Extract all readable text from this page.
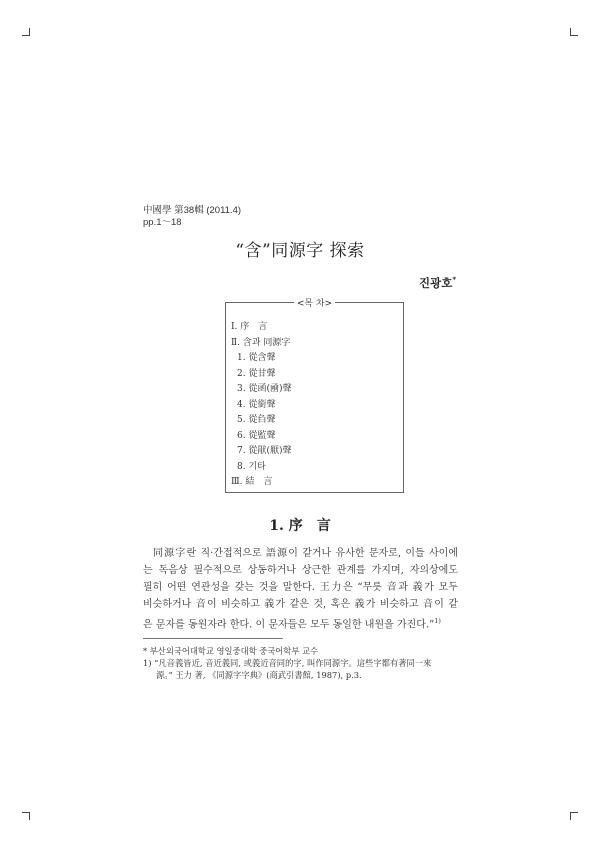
中國學 第38輯 (2011.4)
pp.1～18
“含”同源字 探索
진광호*
<목 차>
Ⅰ. 序　言
Ⅱ. 含과 同源字
1. 從含聲
2. 從甘聲
3. 從函(凾)聲
4. 從銜聲
5. 從臽聲
6. 從監聲
7. 從猒(厭)聲
8. 기타
Ⅲ. 結　言
1. 序　言
同源字란 직·간접적으로 語源이 같거나 유사한 문자로, 이들 사이에
는 독음상 필수적으로 상동하거나 상근한 관계를 가지며, 자의상에도
필히 어떤 연관성을 갖는 것을 말한다. 王力은 “무릇 音과 義가 모두
비슷하거나 音이 비슷하고 義가 같은 것, 혹은 義가 비슷하고 音이 같
은 문자를 동원자라 한다. 이 문자들은 모두 동일한 내원을 가진다.”$^{1)}$
* 부산외국어대학교 영일중대학 중국어학부 교수
1) “凡音義皆近, 音近義同, 或義近音同的字, 叫作同源字。這些字都有著同一來
源。” 王力 著, 《同源字字典》(商武引書館, 1987), p.3.
